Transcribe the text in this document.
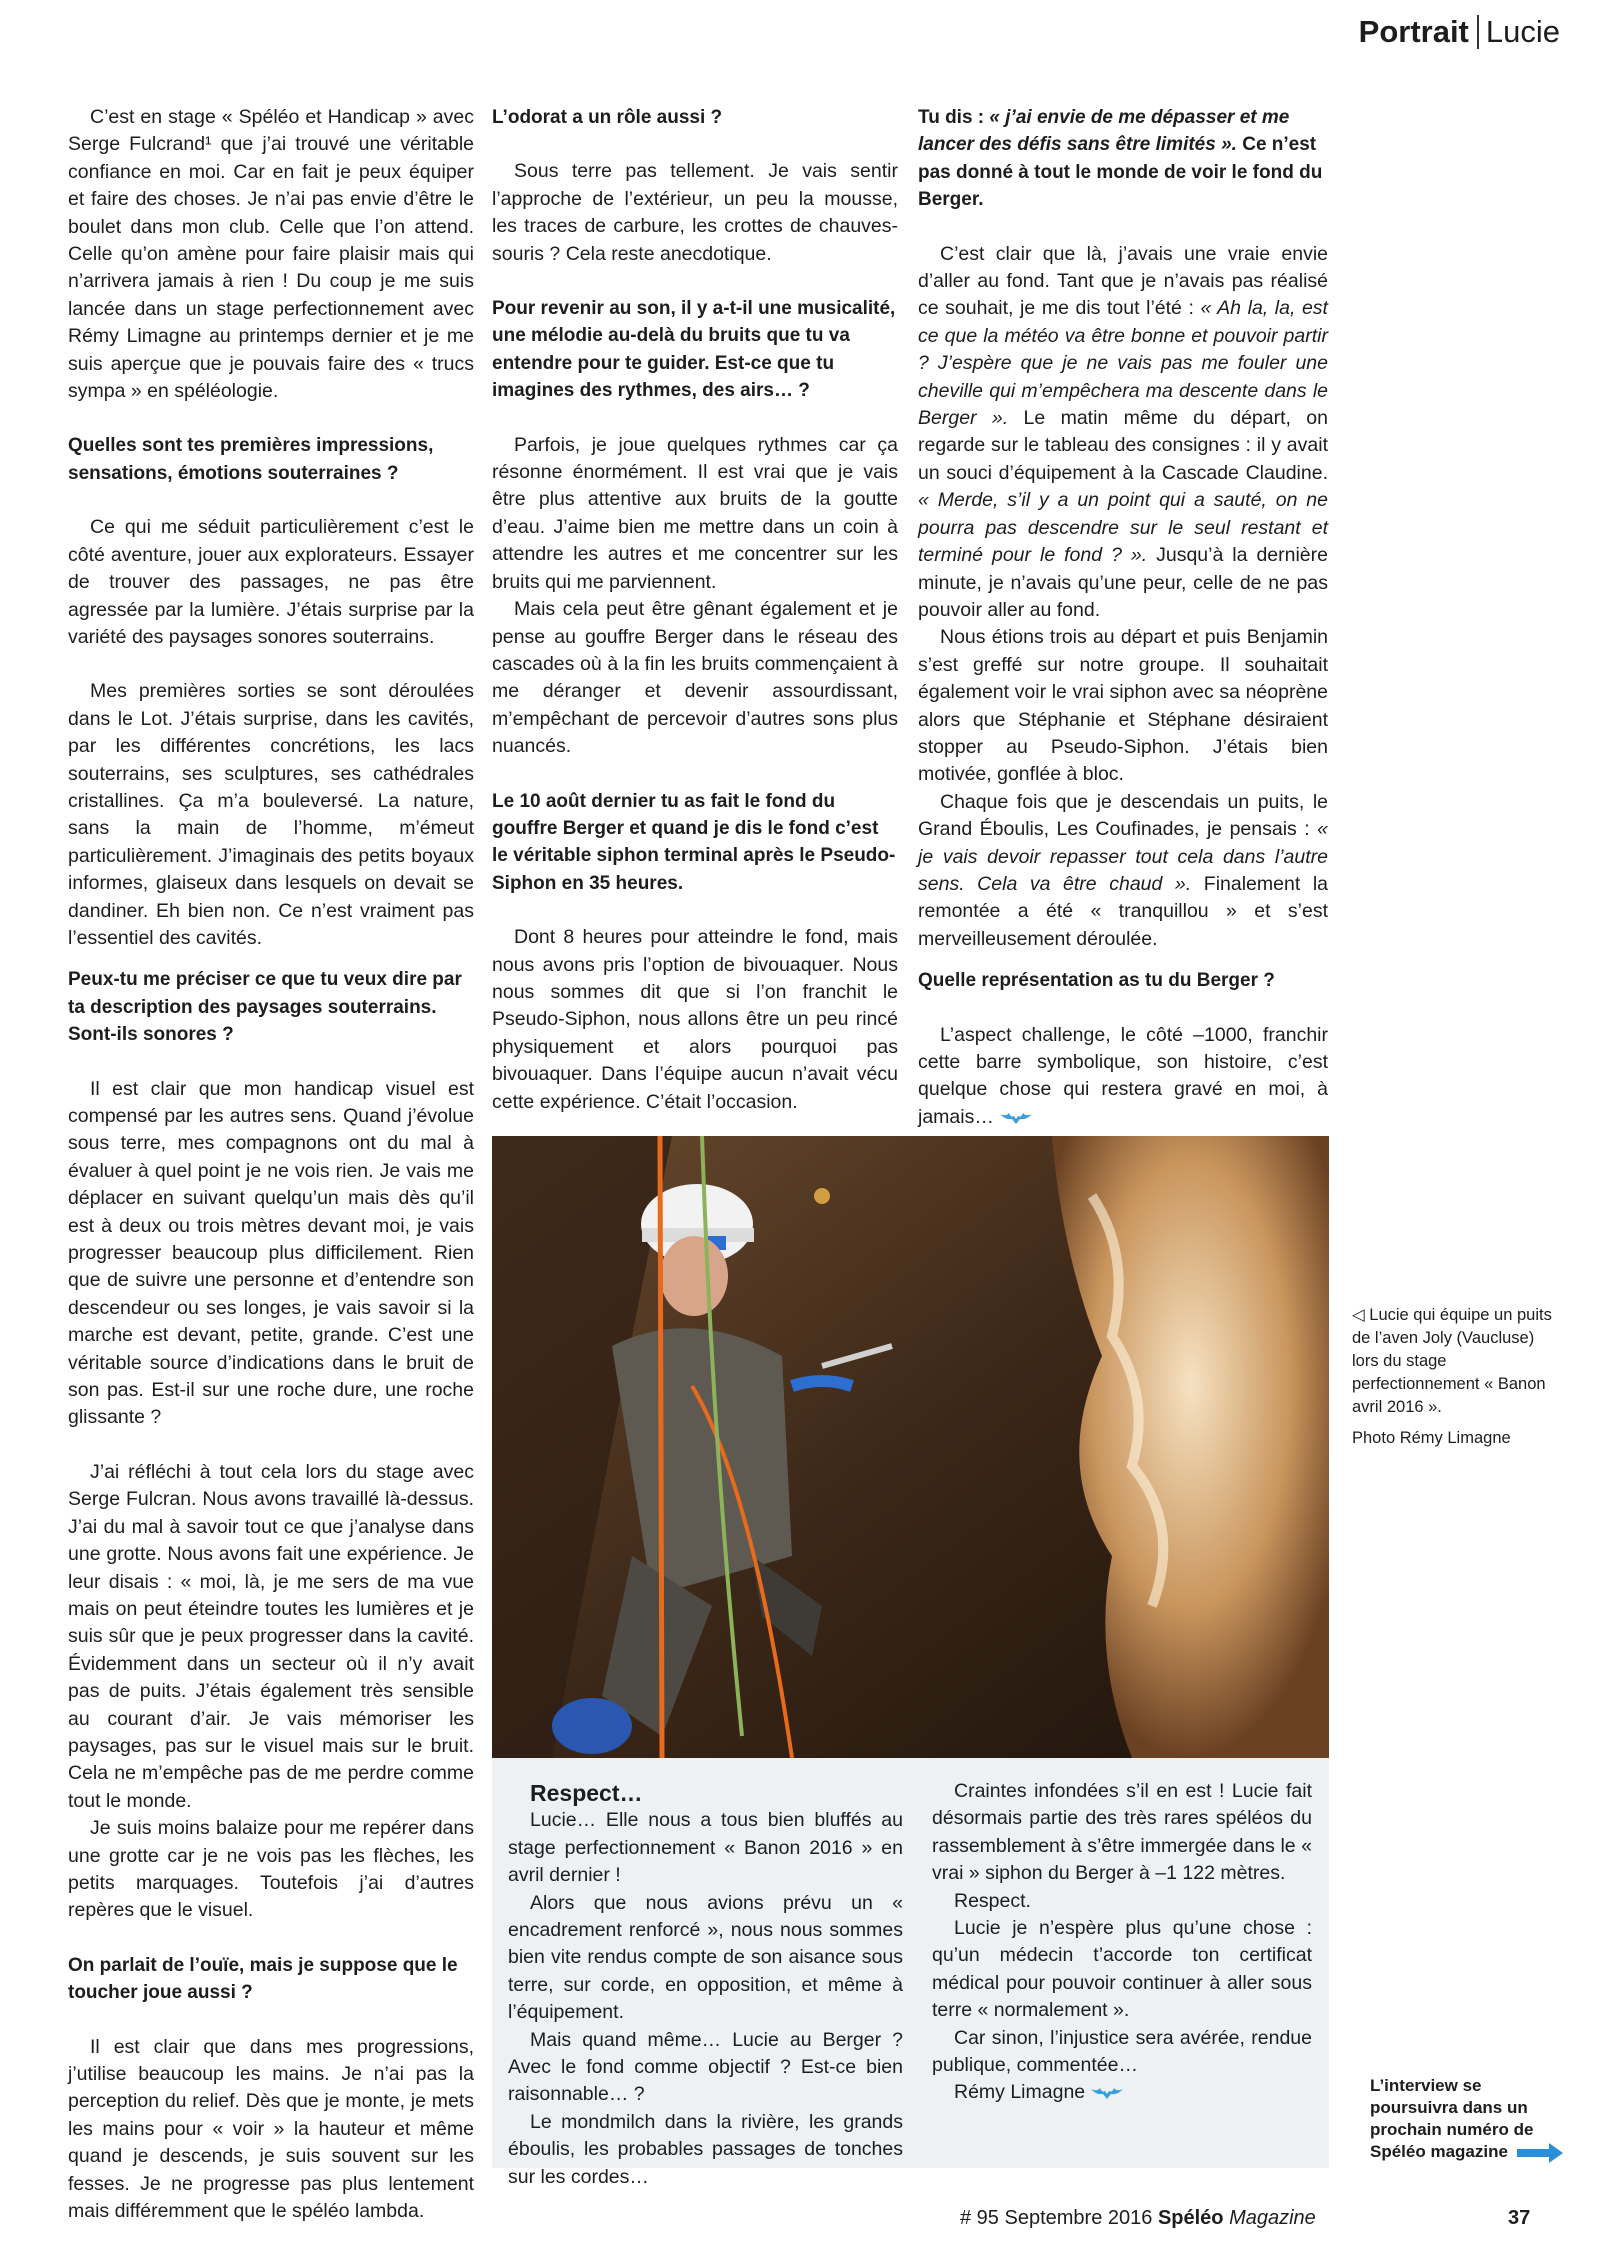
Portrait Lucie

C’est en stage « Spéléo et Handicap » avec Serge Fulcrand¹ que j’ai trouvé une véritable confiance en moi. Car en fait je peux équiper et faire des choses. Je n’ai pas envie d’être le boulet dans mon club. Celle que l’on attend. Celle qu’on amène pour faire plaisir mais qui n’arrivera jamais à rien ! Du coup je me suis lancée dans un stage perfectionnement avec Rémy Limagne au printemps dernier et je me suis aperçue que je pouvais faire des « trucs sympa » en spéléologie.

Quelles sont tes premières impressions, sensations, émotions souterraines ?

Ce qui me séduit particulièrement c’est le côté aventure, jouer aux explorateurs. Essayer de trouver des passages, ne pas être agressée par la lumière. J’étais surprise par la variété des paysages sonores souterrains.

Mes premières sorties se sont déroulées dans le Lot. J’étais surprise, dans les cavités, par les différentes concrétions, les lacs souterrains, ses sculptures, ses cathédrales cristallines. Ça m’a bouleversé. La nature, sans la main de l’homme, m’émeut particulièrement. J’imaginais des petits boyaux informes, glaiseux dans lesquels on devait se dandiner. Eh bien non. Ce n’est vraiment pas l’essentiel des cavités.

Peux-tu me préciser ce que tu veux dire par ta description des paysages souterrains. Sont-ils sonores ?

Il est clair que mon handicap visuel est compensé par les autres sens. Quand j’évolue sous terre, mes compagnons ont du mal à évaluer à quel point je ne vois rien. Je vais me déplacer en suivant quelqu’un mais dès qu’il est à deux ou trois mètres devant moi, je vais progresser beaucoup plus difficilement. Rien que de suivre une personne et d’entendre son descendeur ou ses longes, je vais savoir si la marche est devant, petite, grande. C’est une véritable source d’indications dans le bruit de son pas. Est-il sur une roche dure, une roche glissante ?

J’ai réfléchi à tout cela lors du stage avec Serge Fulcran. Nous avons travaillé là-dessus. J’ai du mal à savoir tout ce que j’analyse dans une grotte. Nous avons fait une expérience. Je leur disais : « moi, là, je me sers de ma vue mais on peut éteindre toutes les lumières et je suis sûr que je peux progresser dans la cavité. Évidemment dans un secteur où il n’y avait pas de puits. J’étais également très sensible au courant d’air. Je vais mémoriser les paysages, pas sur le visuel mais sur le bruit. Cela ne m’empêche pas de me perdre comme tout le monde.

Je suis moins balaize pour me repérer dans une grotte car je ne vois pas les flèches, les petits marquages. Toutefois j’ai d’autres repères que le visuel.

On parlait de l’ouïe, mais je suppose que le toucher joue aussi ?

Il est clair que dans mes progressions, j’utilise beaucoup les mains. Je n’ai pas la perception du relief. Dès que je monte, je mets les mains pour « voir » la hauteur et même quand je descends, je suis souvent sur les fesses. Je ne progresse pas plus lentement mais différemment que le spéléo lambda.

L’odorat a un rôle aussi ?

Sous terre pas tellement. Je vais sentir l’approche de l’extérieur, un peu la mousse, les traces de carbure, les crottes de chauves-souris ? Cela reste anecdotique.

Pour revenir au son, il y a-t-il une musicalité, une mélodie au-delà du bruits que tu va entendre pour te guider. Est-ce que tu imagines des rythmes, des airs… ?

Parfois, je joue quelques rythmes car ça résonne énormément. Il est vrai que je vais être plus attentive aux bruits de la goutte d’eau. J’aime bien me mettre dans un coin à attendre les autres et me concentrer sur les bruits qui me parviennent.

Mais cela peut être gênant également et je pense au gouffre Berger dans le réseau des cascades où à la fin les bruits commençaient à me déranger et devenir assourdissant, m’empêchant de percevoir d’autres sons plus nuancés.

Le 10 août dernier tu as fait le fond du gouffre Berger et quand je dis le fond c’est le véritable siphon terminal après le Pseudo-Siphon en 35 heures.

Dont 8 heures pour atteindre le fond, mais nous avons pris l’option de bivouaquer. Nous nous sommes dit que si l’on franchit le Pseudo-Siphon, nous allons être un peu rincé physiquement et alors pourquoi pas bivouaquer. Dans l’équipe aucun n’avait vécu cette expérience. C’était l’occasion.

Tu dis : « j’ai envie de me dépasser et me lancer des défis sans être limités ». Ce n’est pas donné à tout le monde de voir le fond du Berger.

C’est clair que là, j’avais une vraie envie d’aller au fond. Tant que je n’avais pas réalisé ce souhait, je me dis tout l’été : « Ah la, la, est ce que la météo va être bonne et pouvoir partir ? J’espère que je ne vais pas me fouler une cheville qui m’empêchera ma descente dans le Berger ». Le matin même du départ, on regarde sur le tableau des consignes : il y avait un souci d’équipement à la Cascade Claudine. « Merde, s’il y a un point qui a sauté, on ne pourra pas descendre sur le seul restant et terminé pour le fond ? ». Jusqu’à la dernière minute, je n’avais qu’une peur, celle de ne pas pouvoir aller au fond.

Nous étions trois au départ et puis Benjamin s’est greffé sur notre groupe. Il souhaitait également voir le vrai siphon avec sa néoprène alors que Stéphanie et Stéphane désiraient stopper au Pseudo-Siphon. J’étais bien motivée, gonflée à bloc.

Chaque fois que je descendais un puits, le Grand Éboulis, Les Coufinades, je pensais : « je vais devoir repasser tout cela dans l’autre sens. Cela va être chaud ». Finalement la remontée a été « tranquillou » et s’est merveilleusement déroulée.

Quelle représentation as tu du Berger ?

L’aspect challenge, le côté –1000, franchir cette barre symbolique, son histoire, c’est quelque chose qui restera gravé en moi, à jamais…

◁ Lucie qui équipe un puits de l’aven Joly (Vaucluse) lors du stage perfectionnement « Banon avril 2016 ».
Photo Rémy Limagne

Respect…

Lucie… Elle nous a tous bien bluffés au stage perfectionnement « Banon 2016 » en avril dernier !

Alors que nous avions prévu un « encadrement renforcé », nous nous sommes bien vite rendus compte de son aisance sous terre, sur corde, en opposition, et même à l’équipement.

Mais quand même… Lucie au Berger ? Avec le fond comme objectif ? Est-ce bien raisonnable… ?

Le mondmilch dans la rivière, les grands éboulis, les probables passages de tonches sur les cordes…

Craintes infondées s’il en est ! Lucie fait désormais partie des très rares spéléos du rassemblement à s’être immergée dans le « vrai » siphon du Berger à –1 122 mètres.

Respect.

Lucie je n’espère plus qu’une chose : qu’un médecin t’accorde ton certificat médical pour pouvoir continuer à aller sous terre « normalement ».

Car sinon, l’injustice sera avérée, rendue publique, commentée…

Rémy Limagne	L’interview se poursuivra dans un prochain numéro de Spéléo magazine
# 95 Septembre 2016 Spéléo Magazine	37
